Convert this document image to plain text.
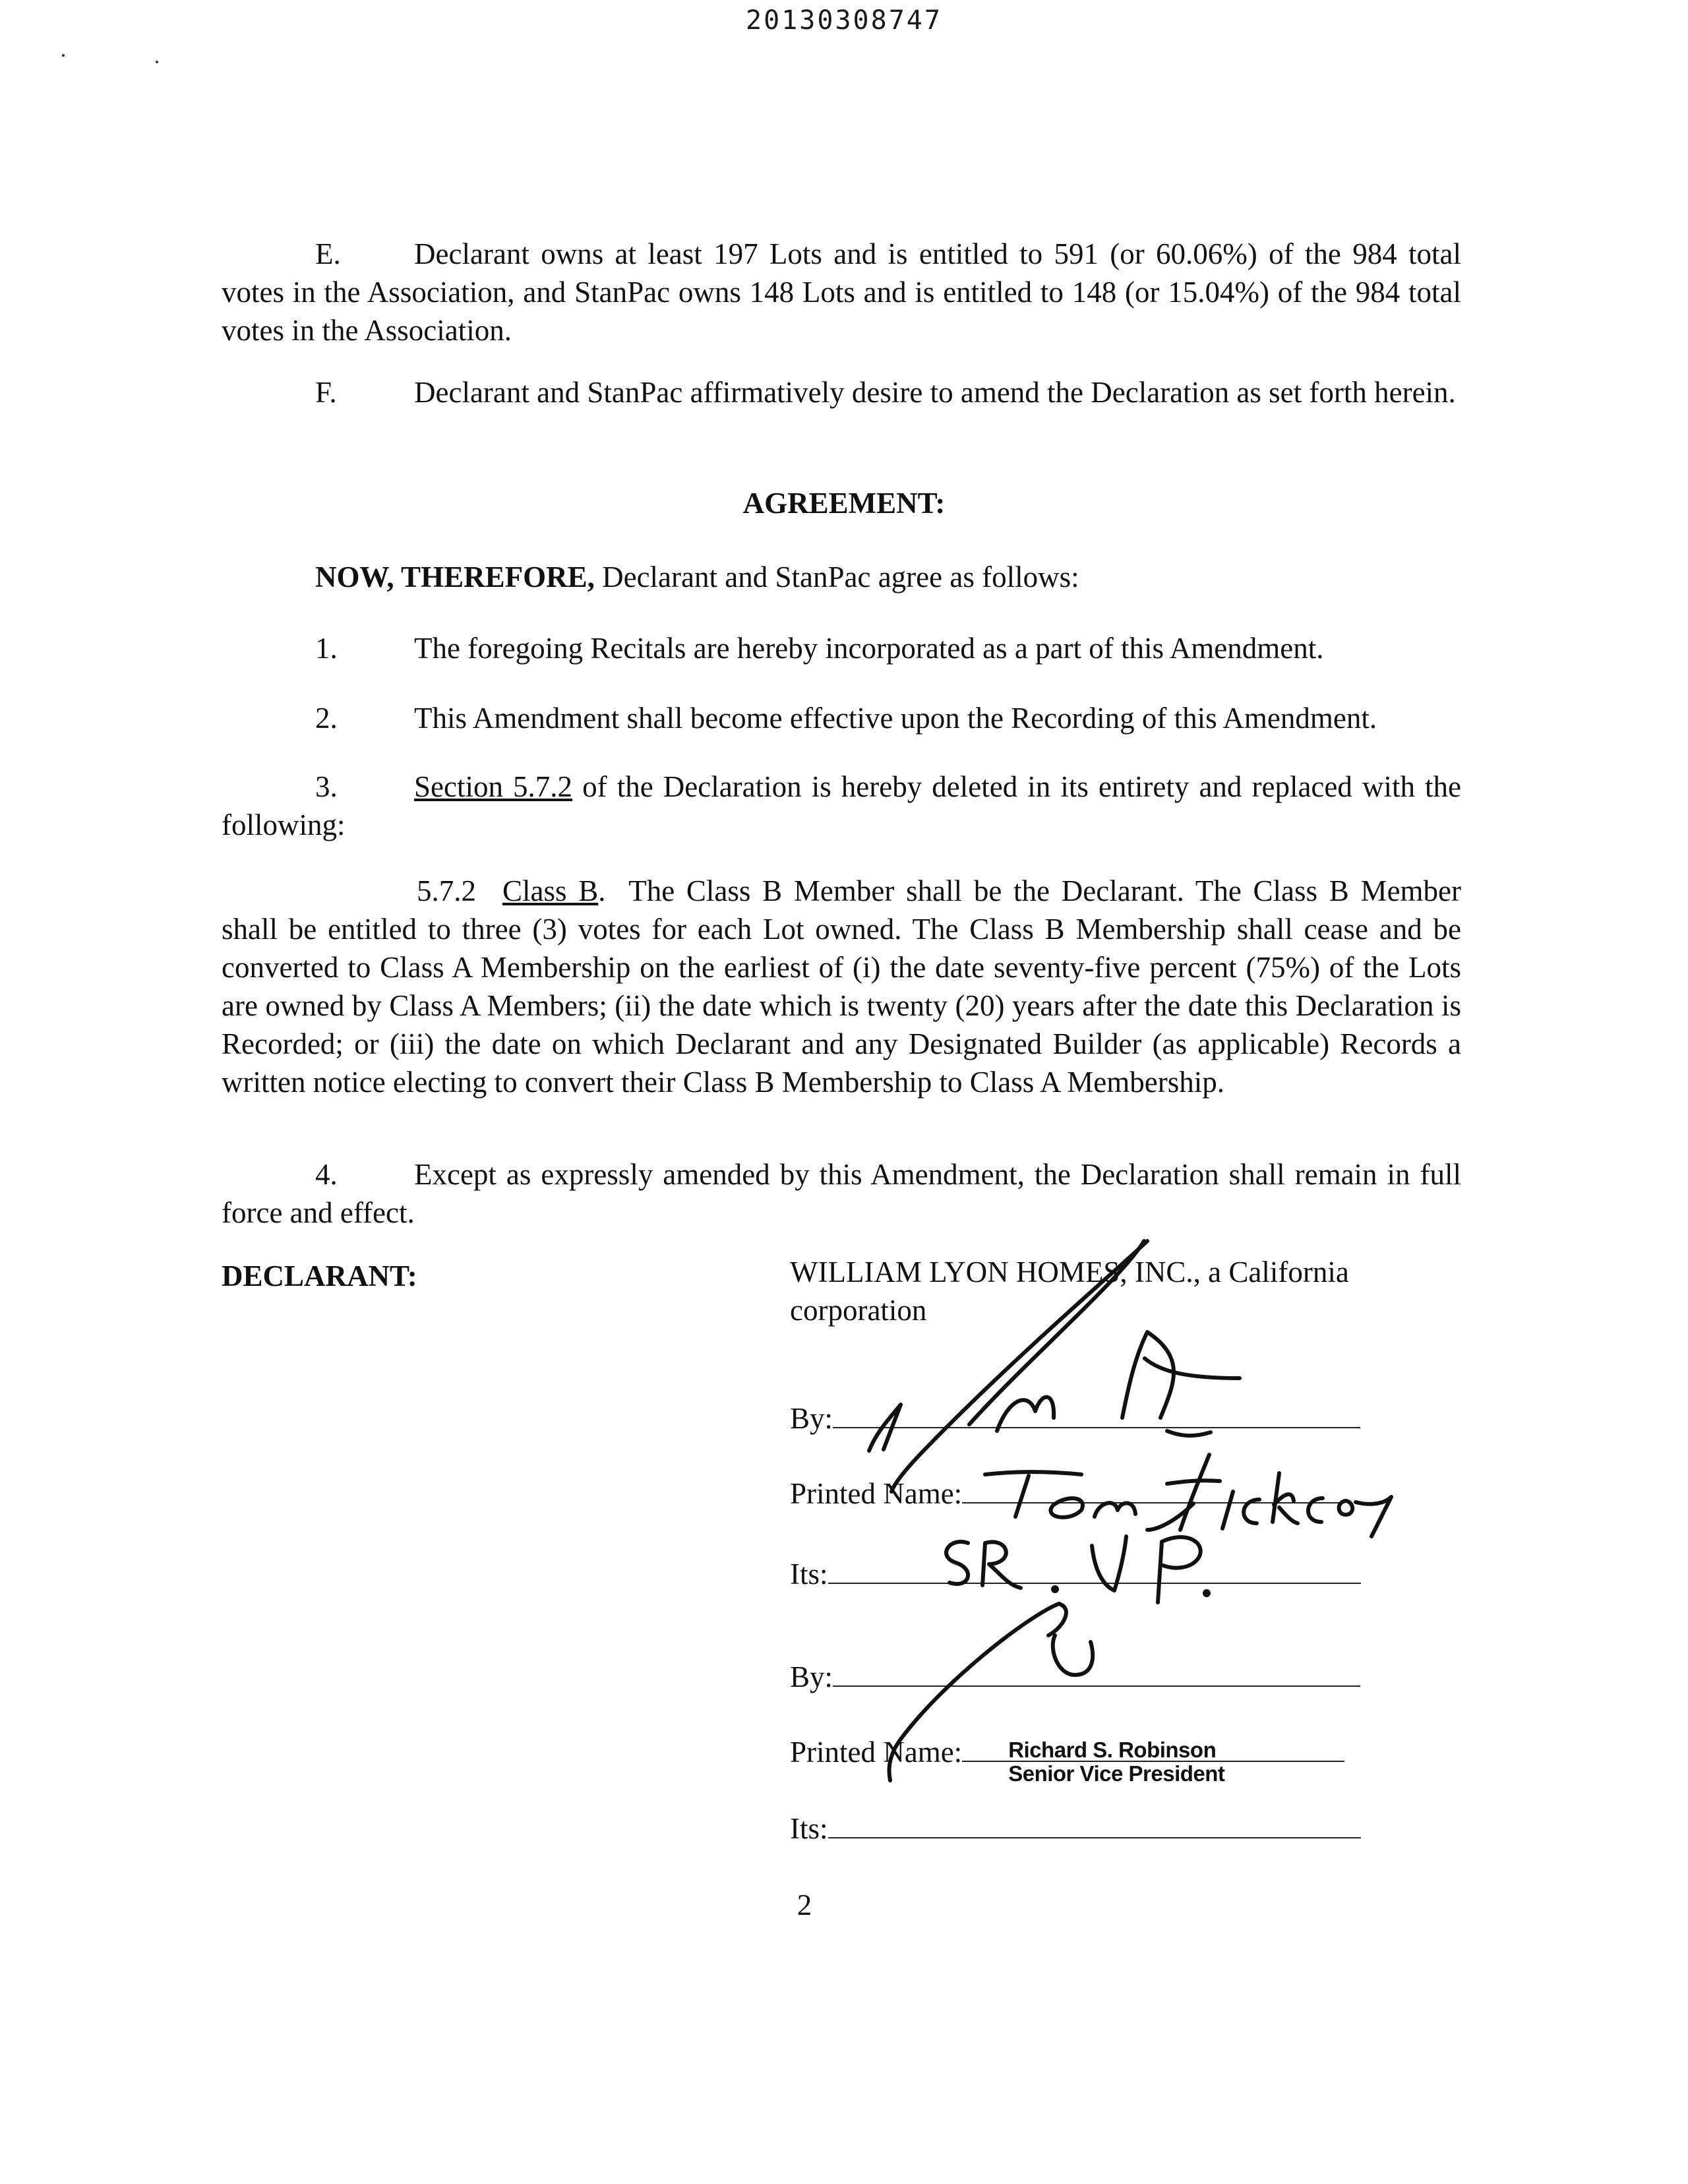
20130308747
E. Declarant owns at least 197 Lots and is entitled to 591 (or 60.06%) of the 984 total votes in the Association, and StanPac owns 148 Lots and is entitled to 148 (or 15.04%) of the 984 total votes in the Association.
F.	Declarant and StanPac affirmatively desire to amend the Declaration as set forth herein.
AGREEMENT:
NOW, THEREFORE, Declarant and StanPac agree as follows:
1.	The foregoing Recitals are hereby incorporated as a part of this Amendment.
2.	This Amendment shall become effective upon the Recording of this Amendment.
3.	Section 5.7.2 of the Declaration is hereby deleted in its entirety and replaced with the following:
5.7.2 Class B.  The Class B Member shall be the Declarant. The Class B Member shall be entitled to three (3) votes for each Lot owned. The Class B Membership shall cease and be converted to Class A Membership on the earliest of (i) the date seventy-five percent (75%) of the Lots are owned by Class A Members; (ii) the date which is twenty (20) years after the date this Declaration is Recorded; or (iii) the date on which Declarant and any Designated Builder (as applicable) Records a written notice electing to convert their Class B Membership to Class A Membership.
4.	Except as expressly amended by this Amendment, the Declaration shall remain in full force and effect.
DECLARANT:	WILLIAM LYON HOMES, INC., a California corporation
By:
Printed Name:
Its:
By:
Printed Name: Richard S. Robinson
Senior Vice President
Its:
2
